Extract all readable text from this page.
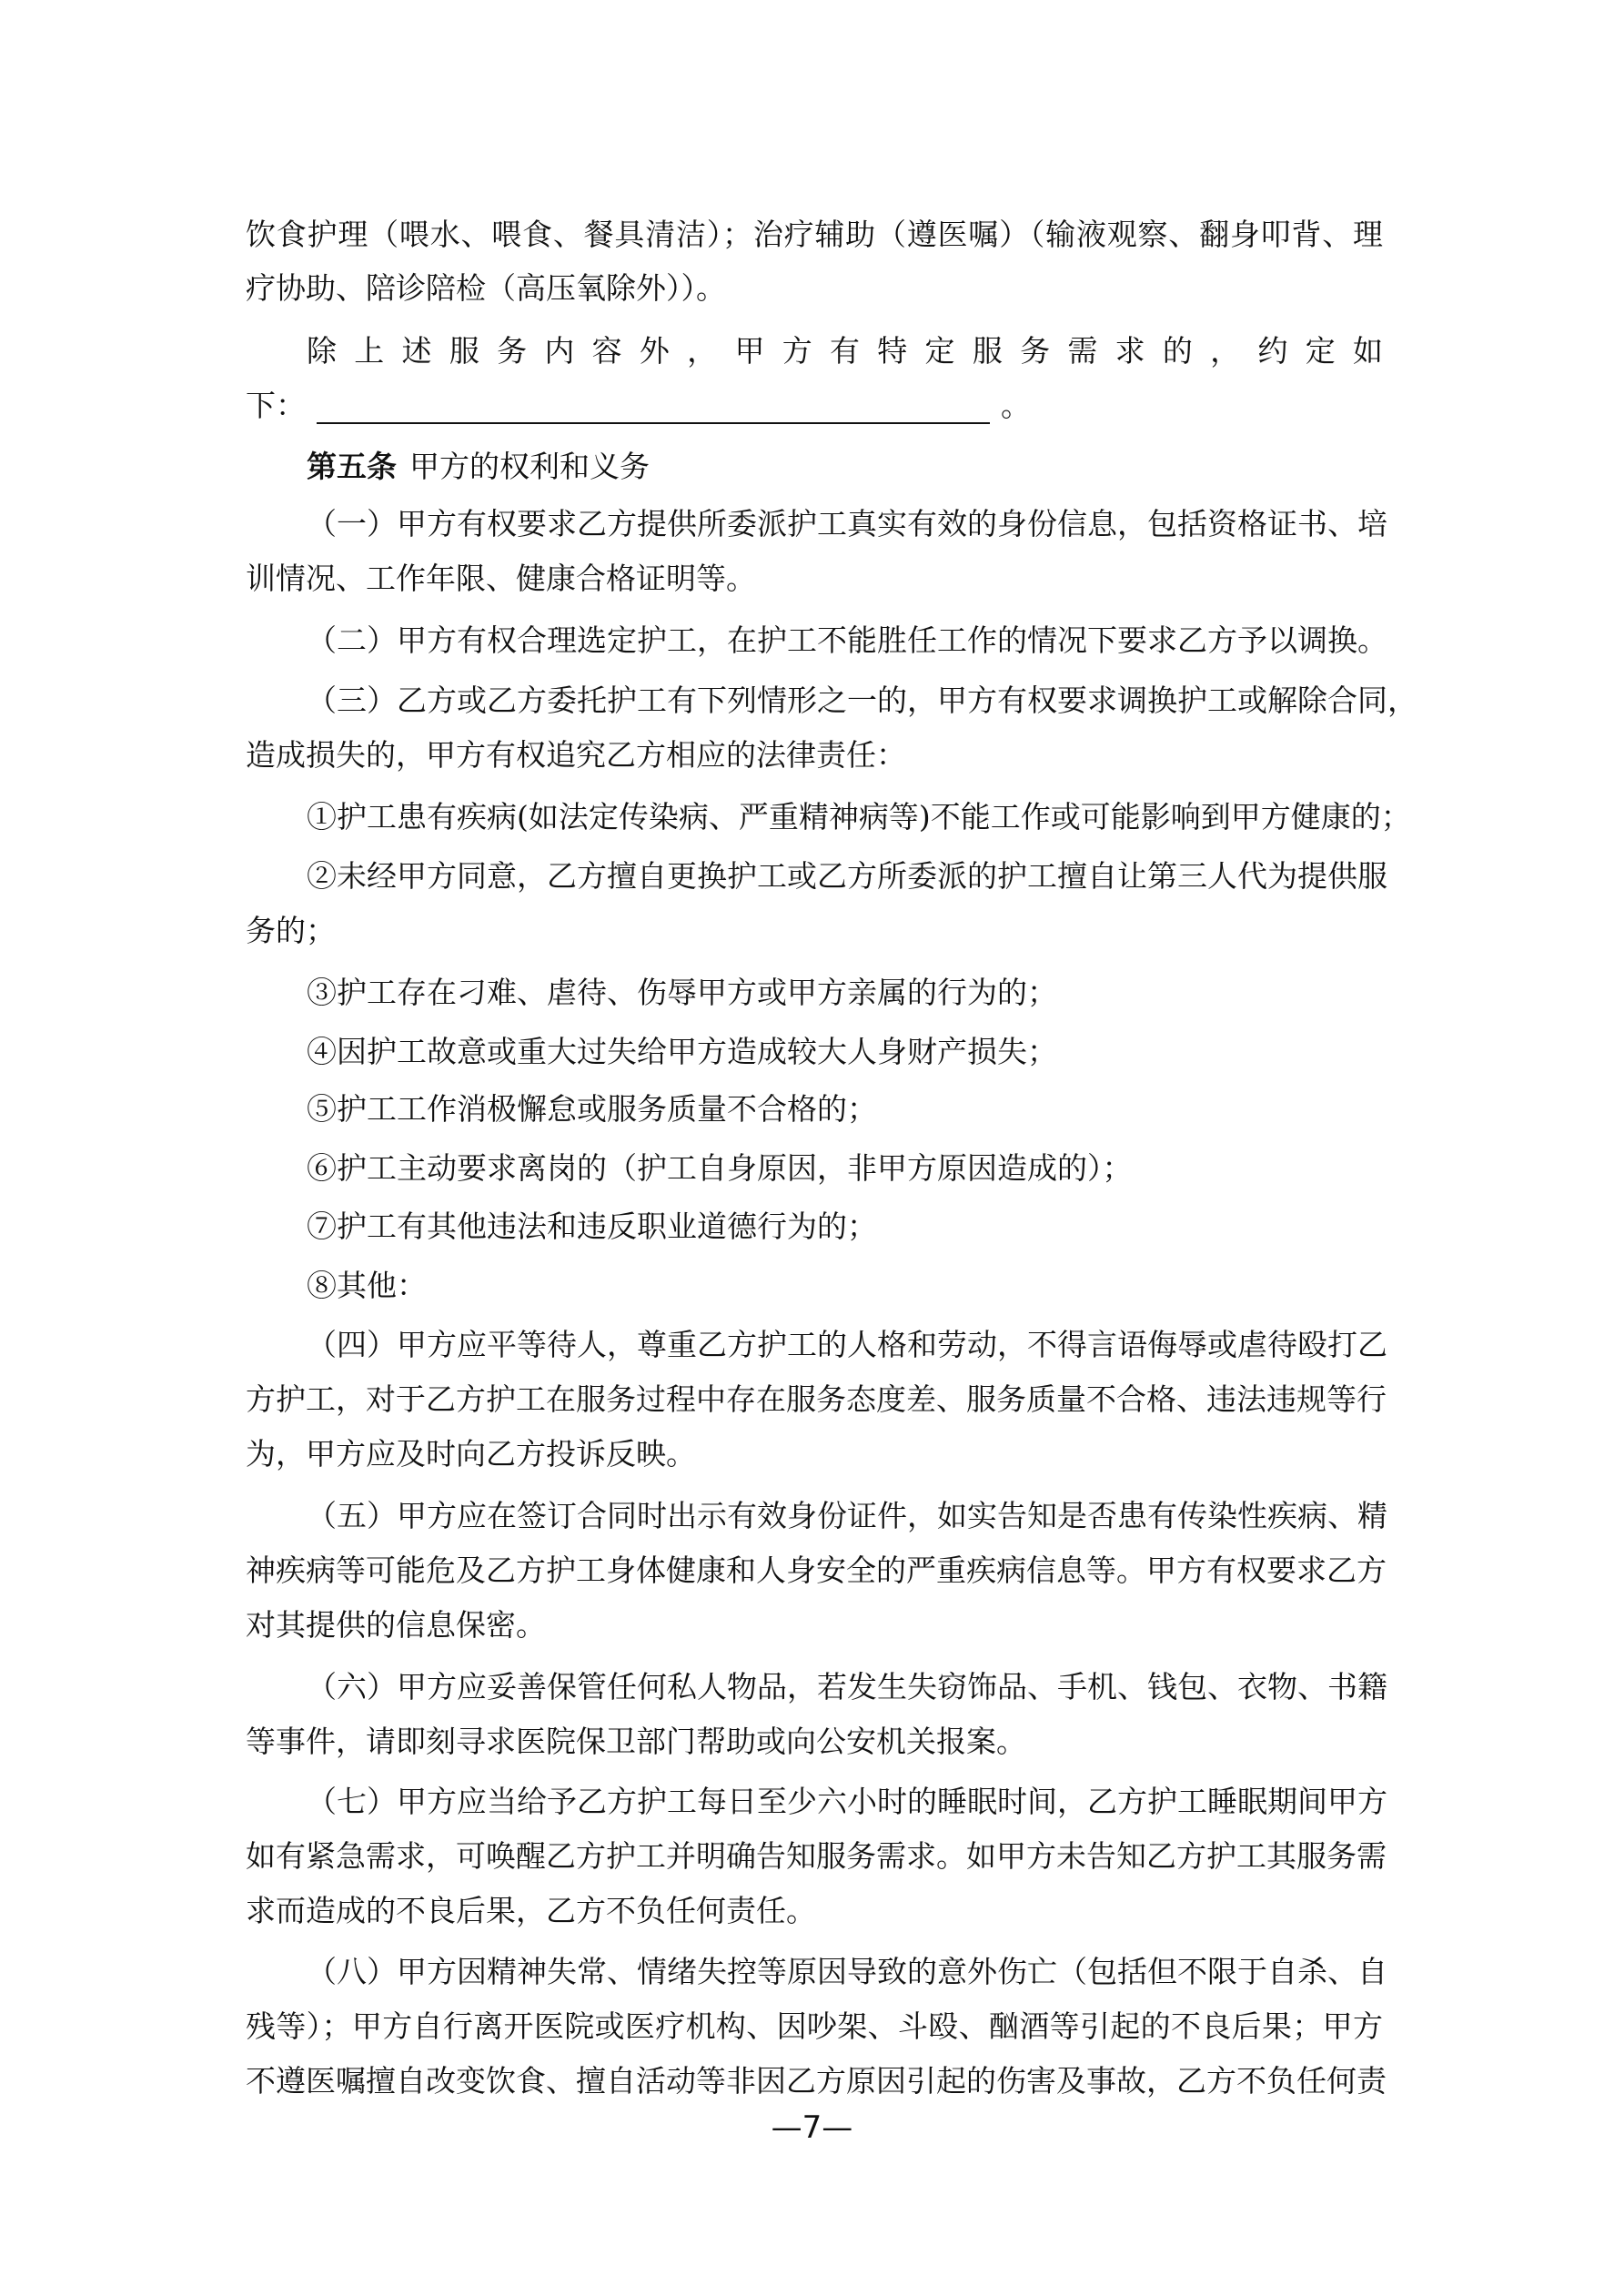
饮食护理（喂水、喂食、餐具清洁）；治疗辅助（遵医嘱）（输液观察、翻身叩背、理
疗协助、陪诊陪检（高压氧除外））。
除上述服务内容外，甲方有特定服务需求的，约定如
下：	。
第五条 甲方的权利和义务
（一）甲方有权要求乙方提供所委派护工真实有效的身份信息，包括资格证书、培
训情况、工作年限、健康合格证明等。
（二）甲方有权合理选定护工，在护工不能胜任工作的情况下要求乙方予以调换。
（三）乙方或乙方委托护工有下列情形之一的，甲方有权要求调换护工或解除合同，
造成损失的，甲方有权追究乙方相应的法律责任：
①护工患有疾病(如法定传染病、严重精神病等)不能工作或可能影响到甲方健康的；
②未经甲方同意，乙方擅自更换护工或乙方所委派的护工擅自让第三人代为提供服
务的；
③护工存在刁难、虐待、伤辱甲方或甲方亲属的行为的；
④因护工故意或重大过失给甲方造成较大人身财产损失；
⑤护工工作消极懈怠或服务质量不合格的；
⑥护工主动要求离岗的（护工自身原因，非甲方原因造成的）；
⑦护工有其他违法和违反职业道德行为的；
⑧其他：
（四）甲方应平等待人，尊重乙方护工的人格和劳动，不得言语侮辱或虐待殴打乙
方护工，对于乙方护工在服务过程中存在服务态度差、服务质量不合格、违法违规等行
为，甲方应及时向乙方投诉反映。
（五）甲方应在签订合同时出示有效身份证件，如实告知是否患有传染性疾病、精
神疾病等可能危及乙方护工身体健康和人身安全的严重疾病信息等。甲方有权要求乙方
对其提供的信息保密。
（六）甲方应妥善保管任何私人物品，若发生失窃饰品、手机、钱包、衣物、书籍
等事件，请即刻寻求医院保卫部门帮助或向公安机关报案。
（七）甲方应当给予乙方护工每日至少六小时的睡眠时间，乙方护工睡眠期间甲方
如有紧急需求，可唤醒乙方护工并明确告知服务需求。如甲方未告知乙方护工其服务需
求而造成的不良后果，乙方不负任何责任。
（八）甲方因精神失常、情绪失控等原因导致的意外伤亡（包括但不限于自杀、自
残等）；甲方自行离开医院或医疗机构、因吵架、斗殴、酗酒等引起的不良后果；甲方
不遵医嘱擅自改变饮食、擅自活动等非因乙方原因引起的伤害及事故，乙方不负任何责
—7—
